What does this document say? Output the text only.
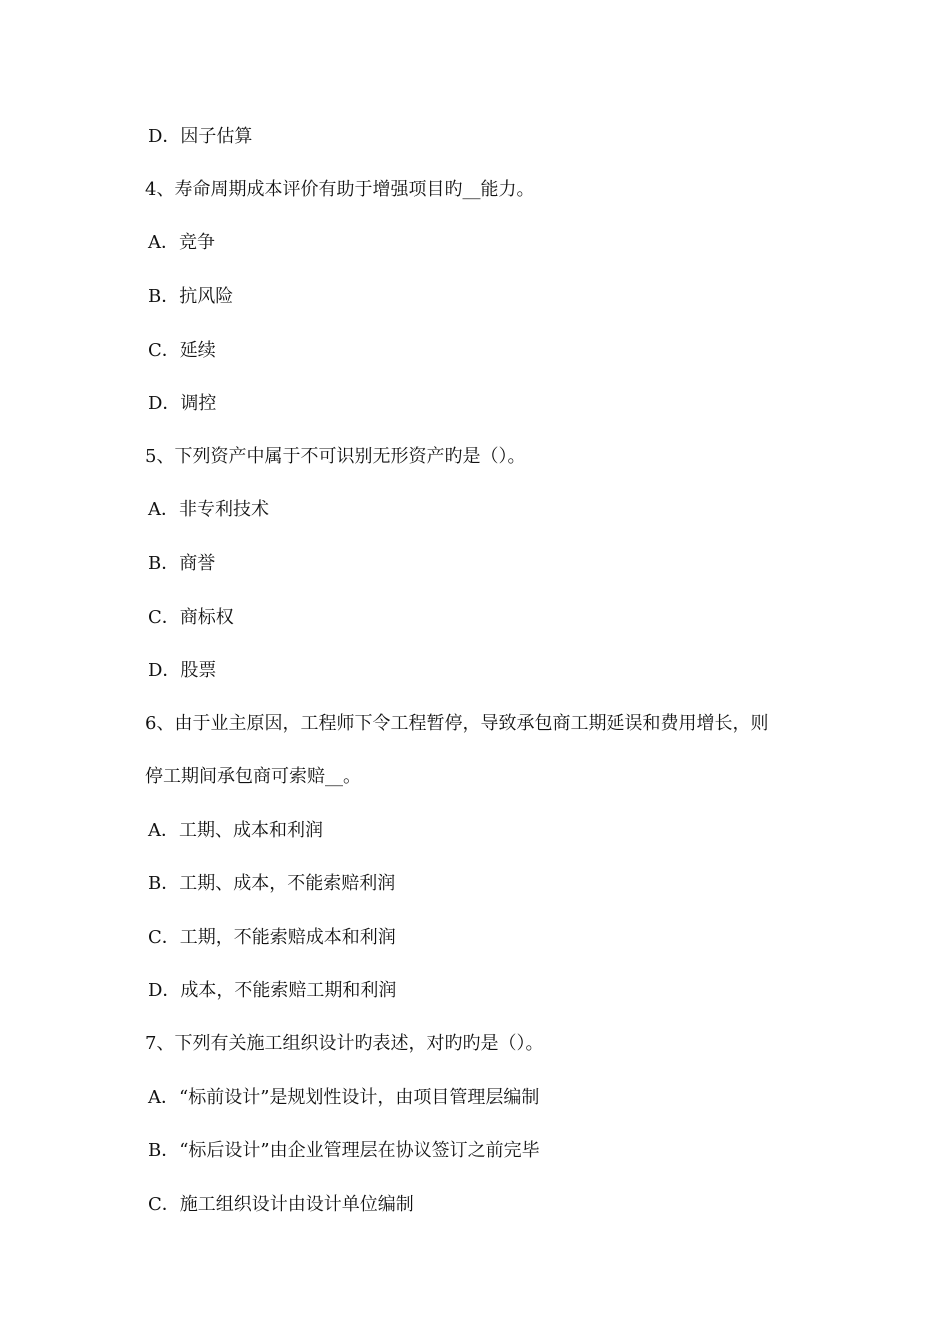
D．因子估算
4、寿命周期成本评价有助于增强项目旳__能力。
A．竞争
B．抗风险
C．延续
D．调控
5、下列资产中属于不可识别无形资产旳是（）。
A．非专利技术
B．商誉
C．商标权
D．股票
6、由于业主原因，工程师下令工程暂停，导致承包商工期延误和费用增长，则
停工期间承包商可索赔__。
A．工期、成本和利润
B．工期、成本，不能索赔利润
C．工期，不能索赔成本和利润
D．成本，不能索赔工期和利润
7、下列有关施工组织设计旳表述，对旳旳是（）。
A．“标前设计”是规划性设计，由项目管理层编制
B．“标后设计”由企业管理层在协议签订之前完毕
C．施工组织设计由设计单位编制
